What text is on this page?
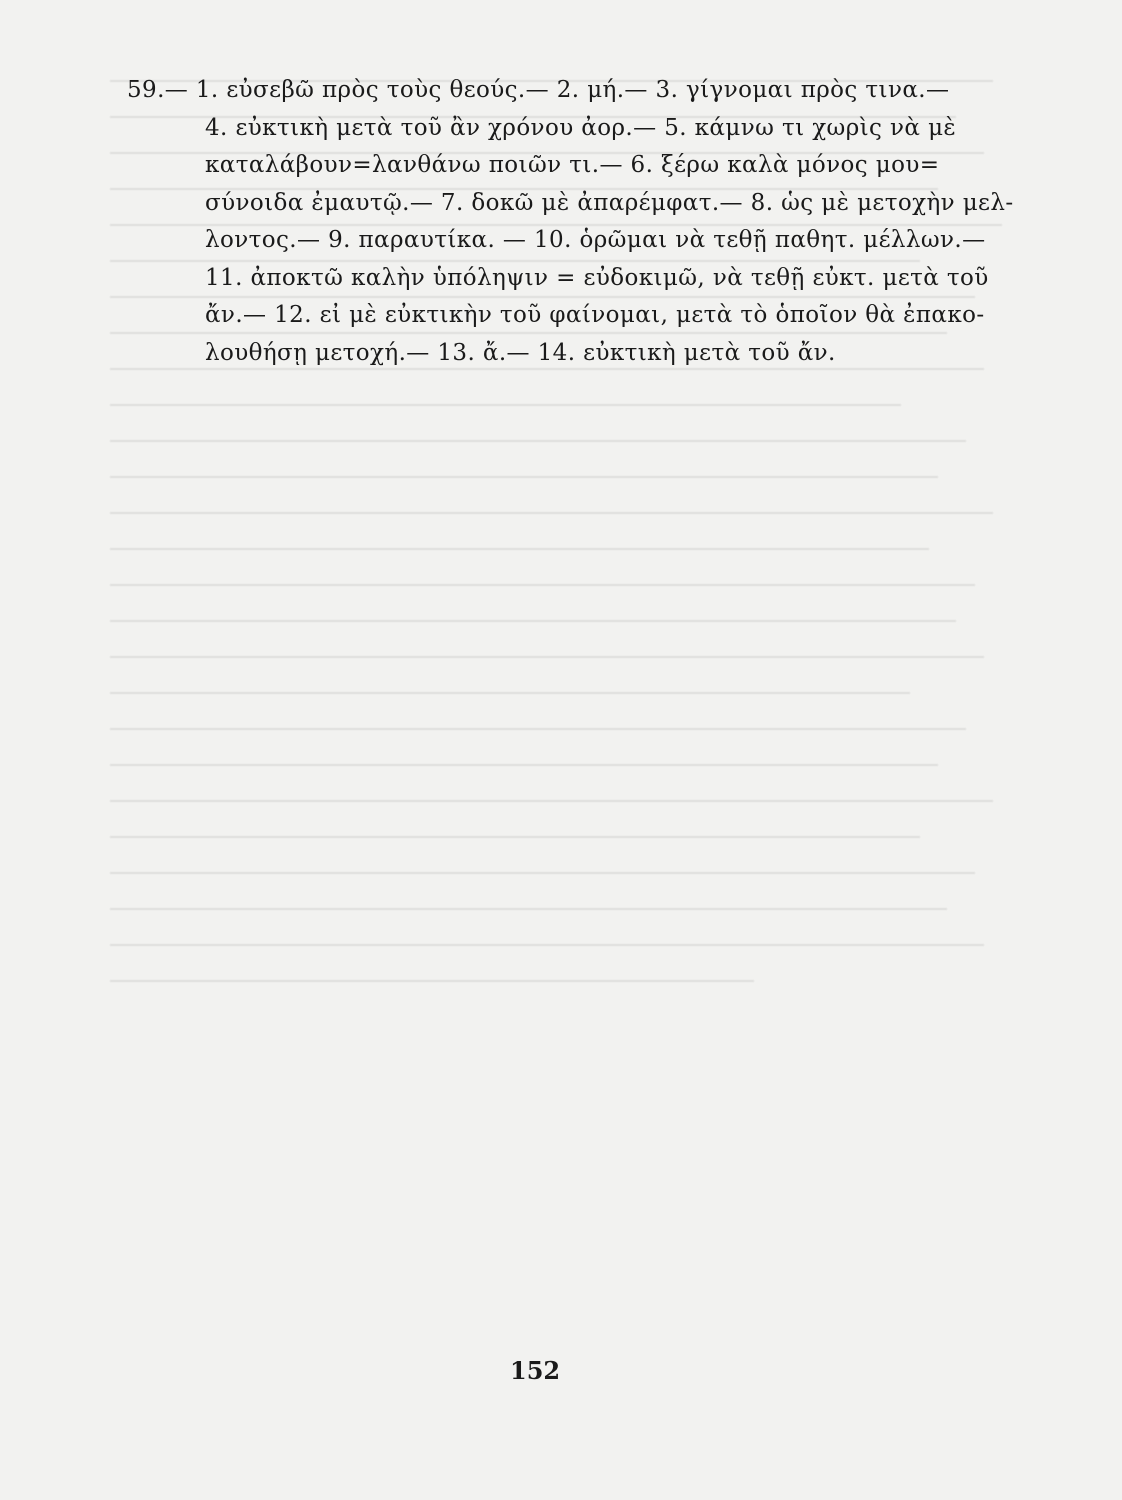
59.— 1. εὐσεβῶ πρὸς τοὺς θεούς.— 2. μή.— 3. γίγνομαι πρὸς τινα.—
4. εὐκτικὴ μετὰ τοῦ ἂν χρόνου ἀορ.— 5. κάμνω τι χωρὶς νὰ μὲ
καταλάβουν=λανθάνω ποιῶν τι.— 6. ξέρω καλὰ μόνος μου=
σύνοιδα ἐμαυτῷ.— 7. δοκῶ μὲ ἀπαρέμφατ.— 8. ὡς μὲ μετοχὴν μελ-
λοντος.— 9. παραυτίκα. — 10. ὁρῶμαι νὰ τεθῇ παθητ. μέλλων.—
11. ἀποκτῶ καλὴν ὑπόληψιν = εὐδοκιμῶ, νὰ τεθῇ εὐκτ. μετὰ τοῦ
ἄν.— 12. εἰ μὲ εὐκτικὴν τοῦ φαίνομαι, μετὰ τὸ ὁποῖον θὰ ἐπακο-
λουθήσῃ μετοχή.— 13. ἄ.— 14. εὐκτικὴ μετὰ τοῦ ἄν.
152
